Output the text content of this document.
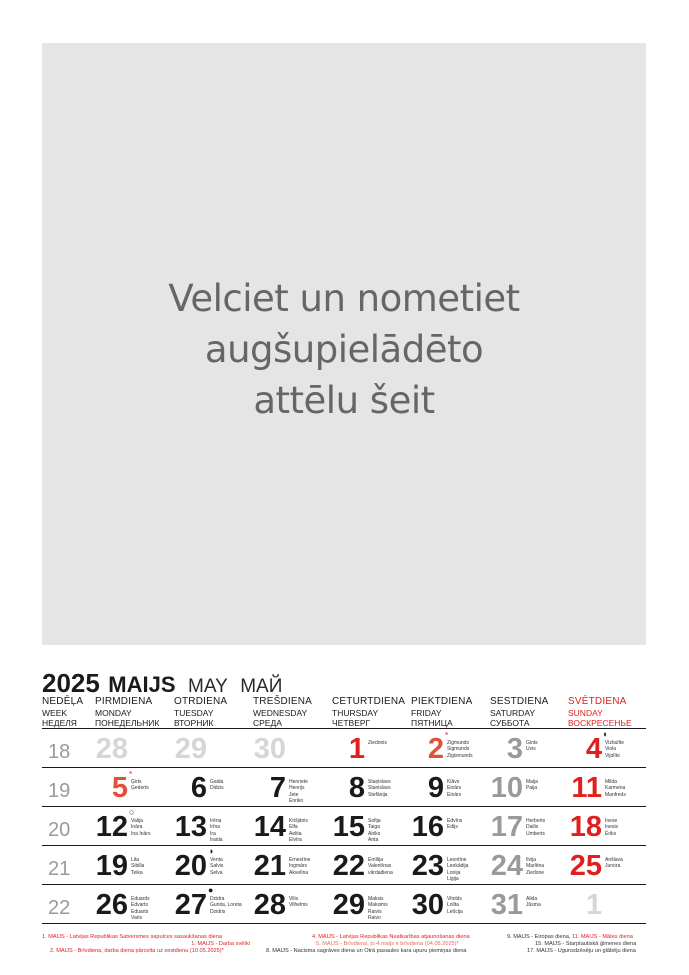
Velciet un nometiet
augšupielādēto
attēlu šeit
2025 MAIJS MAY МАЙ
NEDĒĻA
WEEK
НЕДЕЛЯ
PIRMDIENA
MONDAY
ПОНЕДЕЛЬНИК
OTRDIENA
TUESDAY
ВТОРНИК
TREŠDIENA
WEDNESDAY
СРЕДА
CETURTDIENA
THURSDAY
ЧЕТВЕРГ
PIEKTDIENA
FRIDAY
ПЯТНИЦА
SESTDIENA
SATURDAY
СУББОТА
SVĒTDIENA
SUNDAY
ВОСКРЕСЕНЬЕ
18 28 29 30 1 Ziedonis 2 *
Zigmunds
Sigmunds
Zigismunds 3 Gints
Uvis 4 ◐
Vizbulīte
Viola
Vijolīte
19 5 *
Ģirts
Ģederts 6 Gaida
Didzis 7 Henriete
Henrijs
Jete
Enriko 8 Staņislavs
Stanislavs
Stefānija 9 Klāvs
Einārs
Einārs 10 Maija
Paija 11 Milda
Karmena
Manfreds
20 12 ○
Valija
Ināra
Ina Inārs 13 Irēna
Irīna
Ira
Iraida 14 Krišjānis
Elfa
Aelita
Elvīra 15 Sofija
Taiga
Airiks
Anta 16 Edvīns
Edijs 17 Herberts
Dailis
Umberts 18 Inese
Inesis
Ēriks
21 19 Lita
Sibilla
Teika 20 ◑
Venta
Salvis
Selva 21 Ernestīne
Ingmārs
Akvelīna 22 Emīlija
Valentīnas
vārdadiena 23 Leontīne
Leokādija
Lonija
Ligija	24 Ilvija
Marlēna
Ziedone 25 Anšlava
Junora
22 26 Eduards
Edvarts
Eduarts
Varis 27 ●
Dzidra
Gunita, Loreta
Dzidris 28 Vilis
Vilhelms 29 Maksis
Maksims
Raivis
Raivo 30 Vitolds
Lolita
Letīcija 31 Alida
Jūsma 1
1. MAIJS - Latvijas Republikas Satversmes sapulces sasaukšanas diena
1. MAIJS - Darba svētki
2. MAIJS - Brīvdiena, darba diena pārcelta uz sestdienu (10.05.2025)*
4. MAIJS - Latvijas Republikas Neatkarības atjaunošanas diena
5. MAIJS - Brīvdiena, jo 4.maijs ir brīvdiena (04.05.2025)*
8. MAIJS - Nacisma sagrāves diena un Otrā pasaules kara upuru piemiņas diena
9. MAIJS - Eiropas diena, 11. MAIJS - Mātes diena
15. MAIJS - Starptautiskā ģimenes diena
17. MAIJS - Ugunsdzēsēju un glābēju diena
